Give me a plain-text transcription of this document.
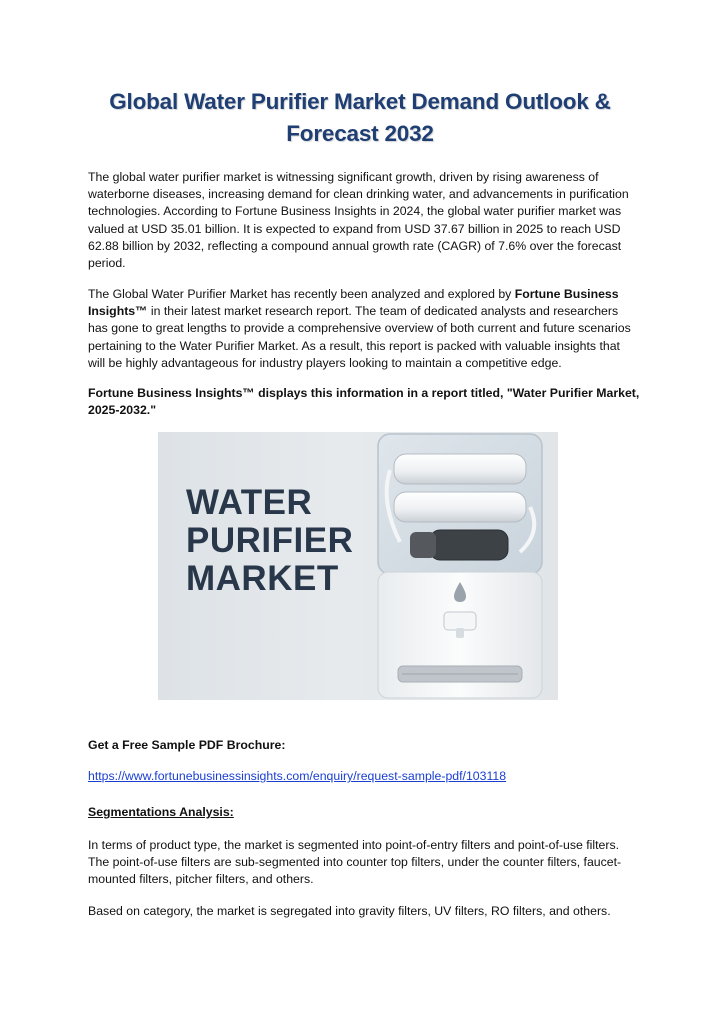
Global Water Purifier Market Demand Outlook &
Forecast 2032

The global water purifier market is witnessing significant growth, driven by rising awareness of waterborne diseases, increasing demand for clean drinking water, and advancements in purification technologies. According to Fortune Business Insights in 2024, the global water purifier market was valued at USD 35.01 billion. It is expected to expand from USD 37.67 billion in 2025 to reach USD 62.88 billion by 2032, reflecting a compound annual growth rate (CAGR) of 7.6% over the forecast period.

The Global Water Purifier Market has recently been analyzed and explored by Fortune Business Insights™ in their latest market research report. The team of dedicated analysts and researchers has gone to great lengths to provide a comprehensive overview of both current and future scenarios pertaining to the Water Purifier Market. As a result, this report is packed with valuable insights that will be highly advantageous for industry players looking to maintain a competitive edge.

Fortune Business Insights™ displays this information in a report titled, "Water Purifier Market, 2025-2032."

WATER
PURIFIER
MARKET
Get a Free Sample PDF Brochure:
https://www.fortunebusinessinsights.com/enquiry/request-sample-pdf/103118
Segmentations Analysis:

In terms of product type, the market is segmented into point-of-entry filters and point-of-use filters. The point-of-use filters are sub-segmented into counter top filters, under the counter filters, faucet-mounted filters, pitcher filters, and others.

Based on category, the market is segregated into gravity filters, UV filters, RO filters, and others.
